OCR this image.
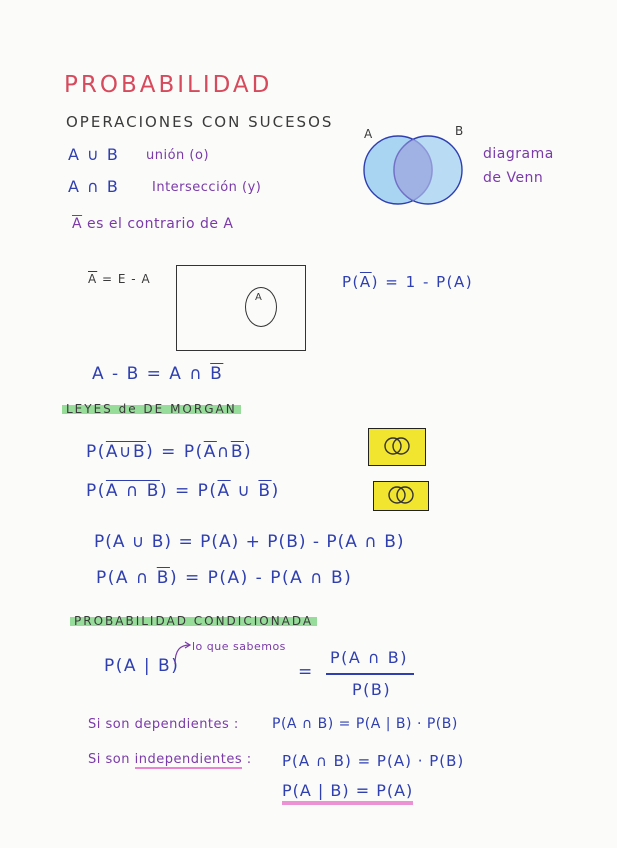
PROBABILIDAD
OPERACIONES CON SUCESOS
A ∪ B unión (o)
A ∩ B	Intersección (y)
$\overline{A}$ es el contrario de A
A	B
diagrama
de Venn
$\overline{A} = E - A$
A
$P(\overline{A}) = 1 - P(A)$
A - B = A ∩ $\overline{B}$
LEYES de DE MORGAN
P(A∪B) = $P(\overline{A}\cap\overline{B})$
P(A ∩ $B) = P(\overline{A}$ ∪ $\overline{B}$)
P(A ∪ B) = P(A) + P(B) - P(A ∩ B)
P(A ∩ $\overline{B}) = P(A) - P(A$ ∩ B)
PROBABILIDAD CONDICIONADA
P(A | B)
lo que sabemos
=
P(A ∩ B)
P(B)
Si son dependientes : P(A ∩ B) = P(A | B) · P(B)
Si son independientes : P(A ∩ B) = P(A) · P(B)
P(A | B) = P(A)
